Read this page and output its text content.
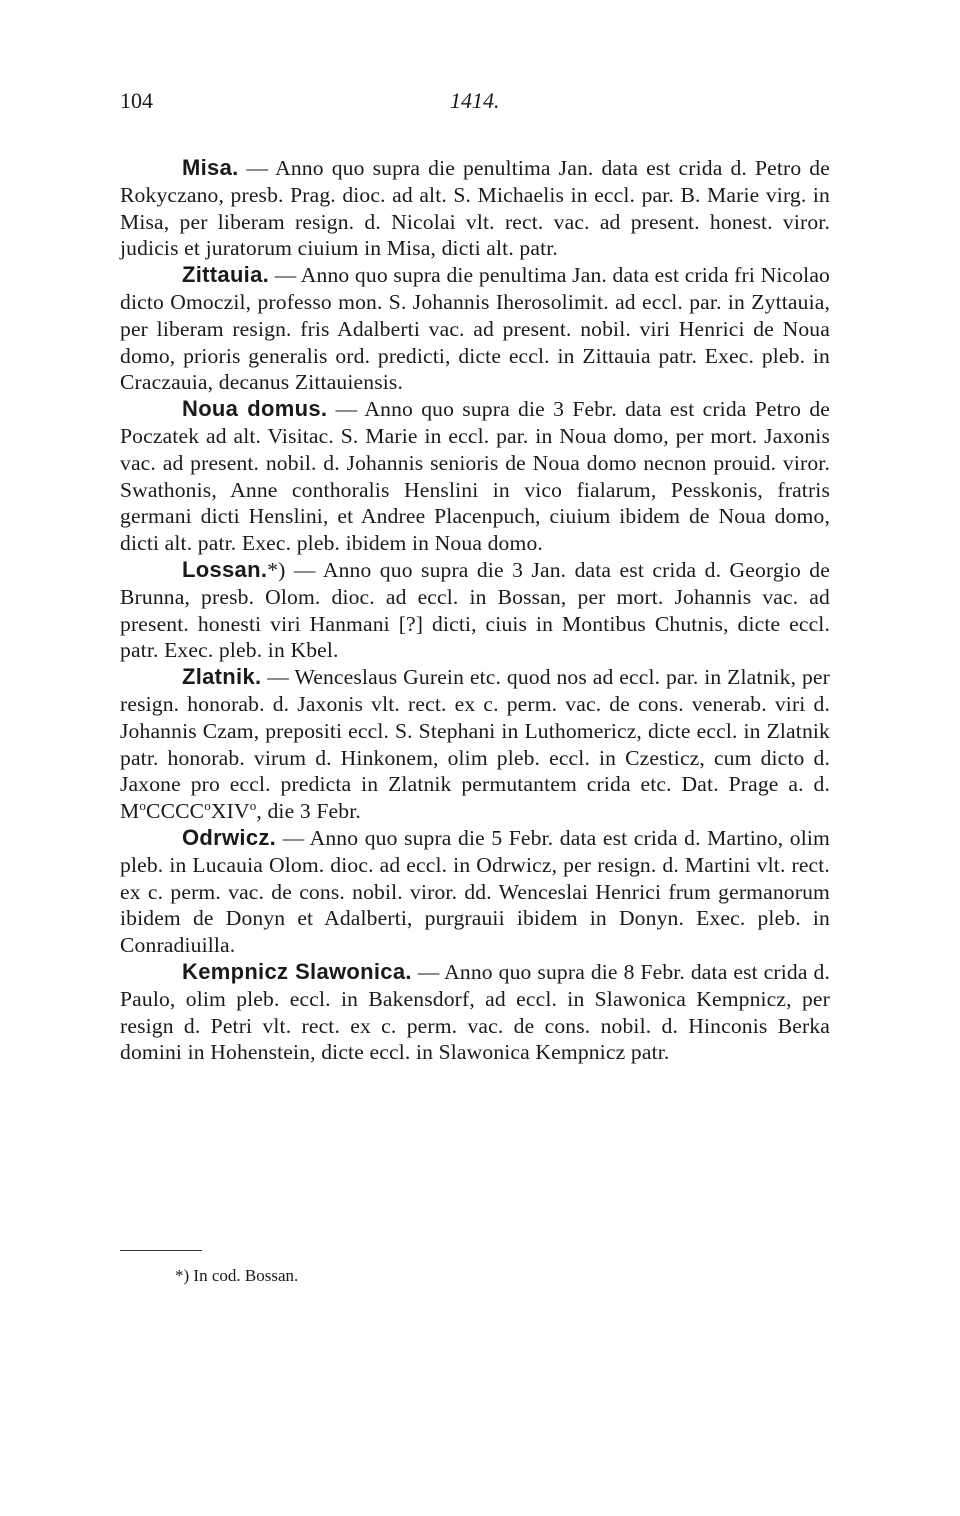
104	1414.

Misa. — Anno quo supra die penultima Jan. data est crida d. Petro de Rokyczano, presb. Prag. dioc. ad alt. S. Michaelis in eccl. par. B. Marie virg. in Misa, per liberam resign. d. Nicolai vlt. rect. vac. ad present. honest. viror. judicis et juratorum ciuium in Misa, dicti alt. patr.

Zittauia. — Anno quo supra die penultima Jan. data est crida fri Nicolao dicto Omoczil, professo mon. S. Johannis Iherosolimit. ad eccl. par. in Zyttauia, per liberam resign. fris Adalberti vac. ad present. nobil. viri Henrici de Noua domo, prioris generalis ord. predicti, dicte eccl. in Zittauia patr. Exec. pleb. in Craczauia, decanus Zittauiensis.

Noua domus. — Anno quo supra die 3 Febr. data est crida Petro de Poczatek ad alt. Visitac. S. Marie in eccl. par. in Noua domo, per mort. Jaxonis vac. ad present. nobil. d. Johannis senioris de Noua domo necnon prouid. viror. Swathonis, Anne conthoralis Henslini in vico fialarum, Pesskonis, fratris germani dicti Henslini, et Andree Placenpuch, ciuium ibidem de Noua domo, dicti alt. patr. Exec. pleb. ibidem in Noua domo.

Lossan.*) — Anno quo supra die 3 Jan. data est crida d. Georgio de Brunna, presb. Olom. dioc. ad eccl. in Bossan, per mort. Johannis vac. ad present. honesti viri Hanmani [?] dicti, ciuis in Montibus Chutnis, dicte eccl. patr. Exec. pleb. in Kbel.

Zlatnik. — Wenceslaus Gurein etc. quod nos ad eccl. par. in Zlatnik, per resign. honorab. d. Jaxonis vlt. rect. ex c. perm. vac. de cons. venerab. viri d. Johannis Czam, prepositi eccl. S. Stephani in Luthomericz, dicte eccl. in Zlatnik patr. honorab. virum d. Hinkonem, olim pleb. eccl. in Czesticz, cum dicto d. Jaxone pro eccl. predicta in Zlatnik permutantem crida etc. Dat. Prage a. d. $M^oCCCC^oXIV^o$, die 3 Febr.

Odrwicz. — Anno quo supra die 5 Febr. data est crida d. Martino, olim pleb. in Lucauia Olom. dioc. ad eccl. in Odrwicz, per resign. d. Martini vlt. rect. ex c. perm. vac. de cons. nobil. viror. dd. Wenceslai Henrici frum germanorum ibidem de Donyn et Adalberti, purgrauii ibidem in Donyn. Exec. pleb. in Conradiuilla.

Kempnicz Slawonica. — Anno quo supra die 8 Febr. data est crida d. Paulo, olim pleb. eccl. in Bakensdorf, ad eccl. in Slawonica Kempnicz, per resign d. Petri vlt. rect. ex c. perm. vac. de cons. nobil. d. Hinconis Berka domini in Hohenstein, dicte eccl. in Slawonica Kempnicz patr.

*) In cod. Bossan.
